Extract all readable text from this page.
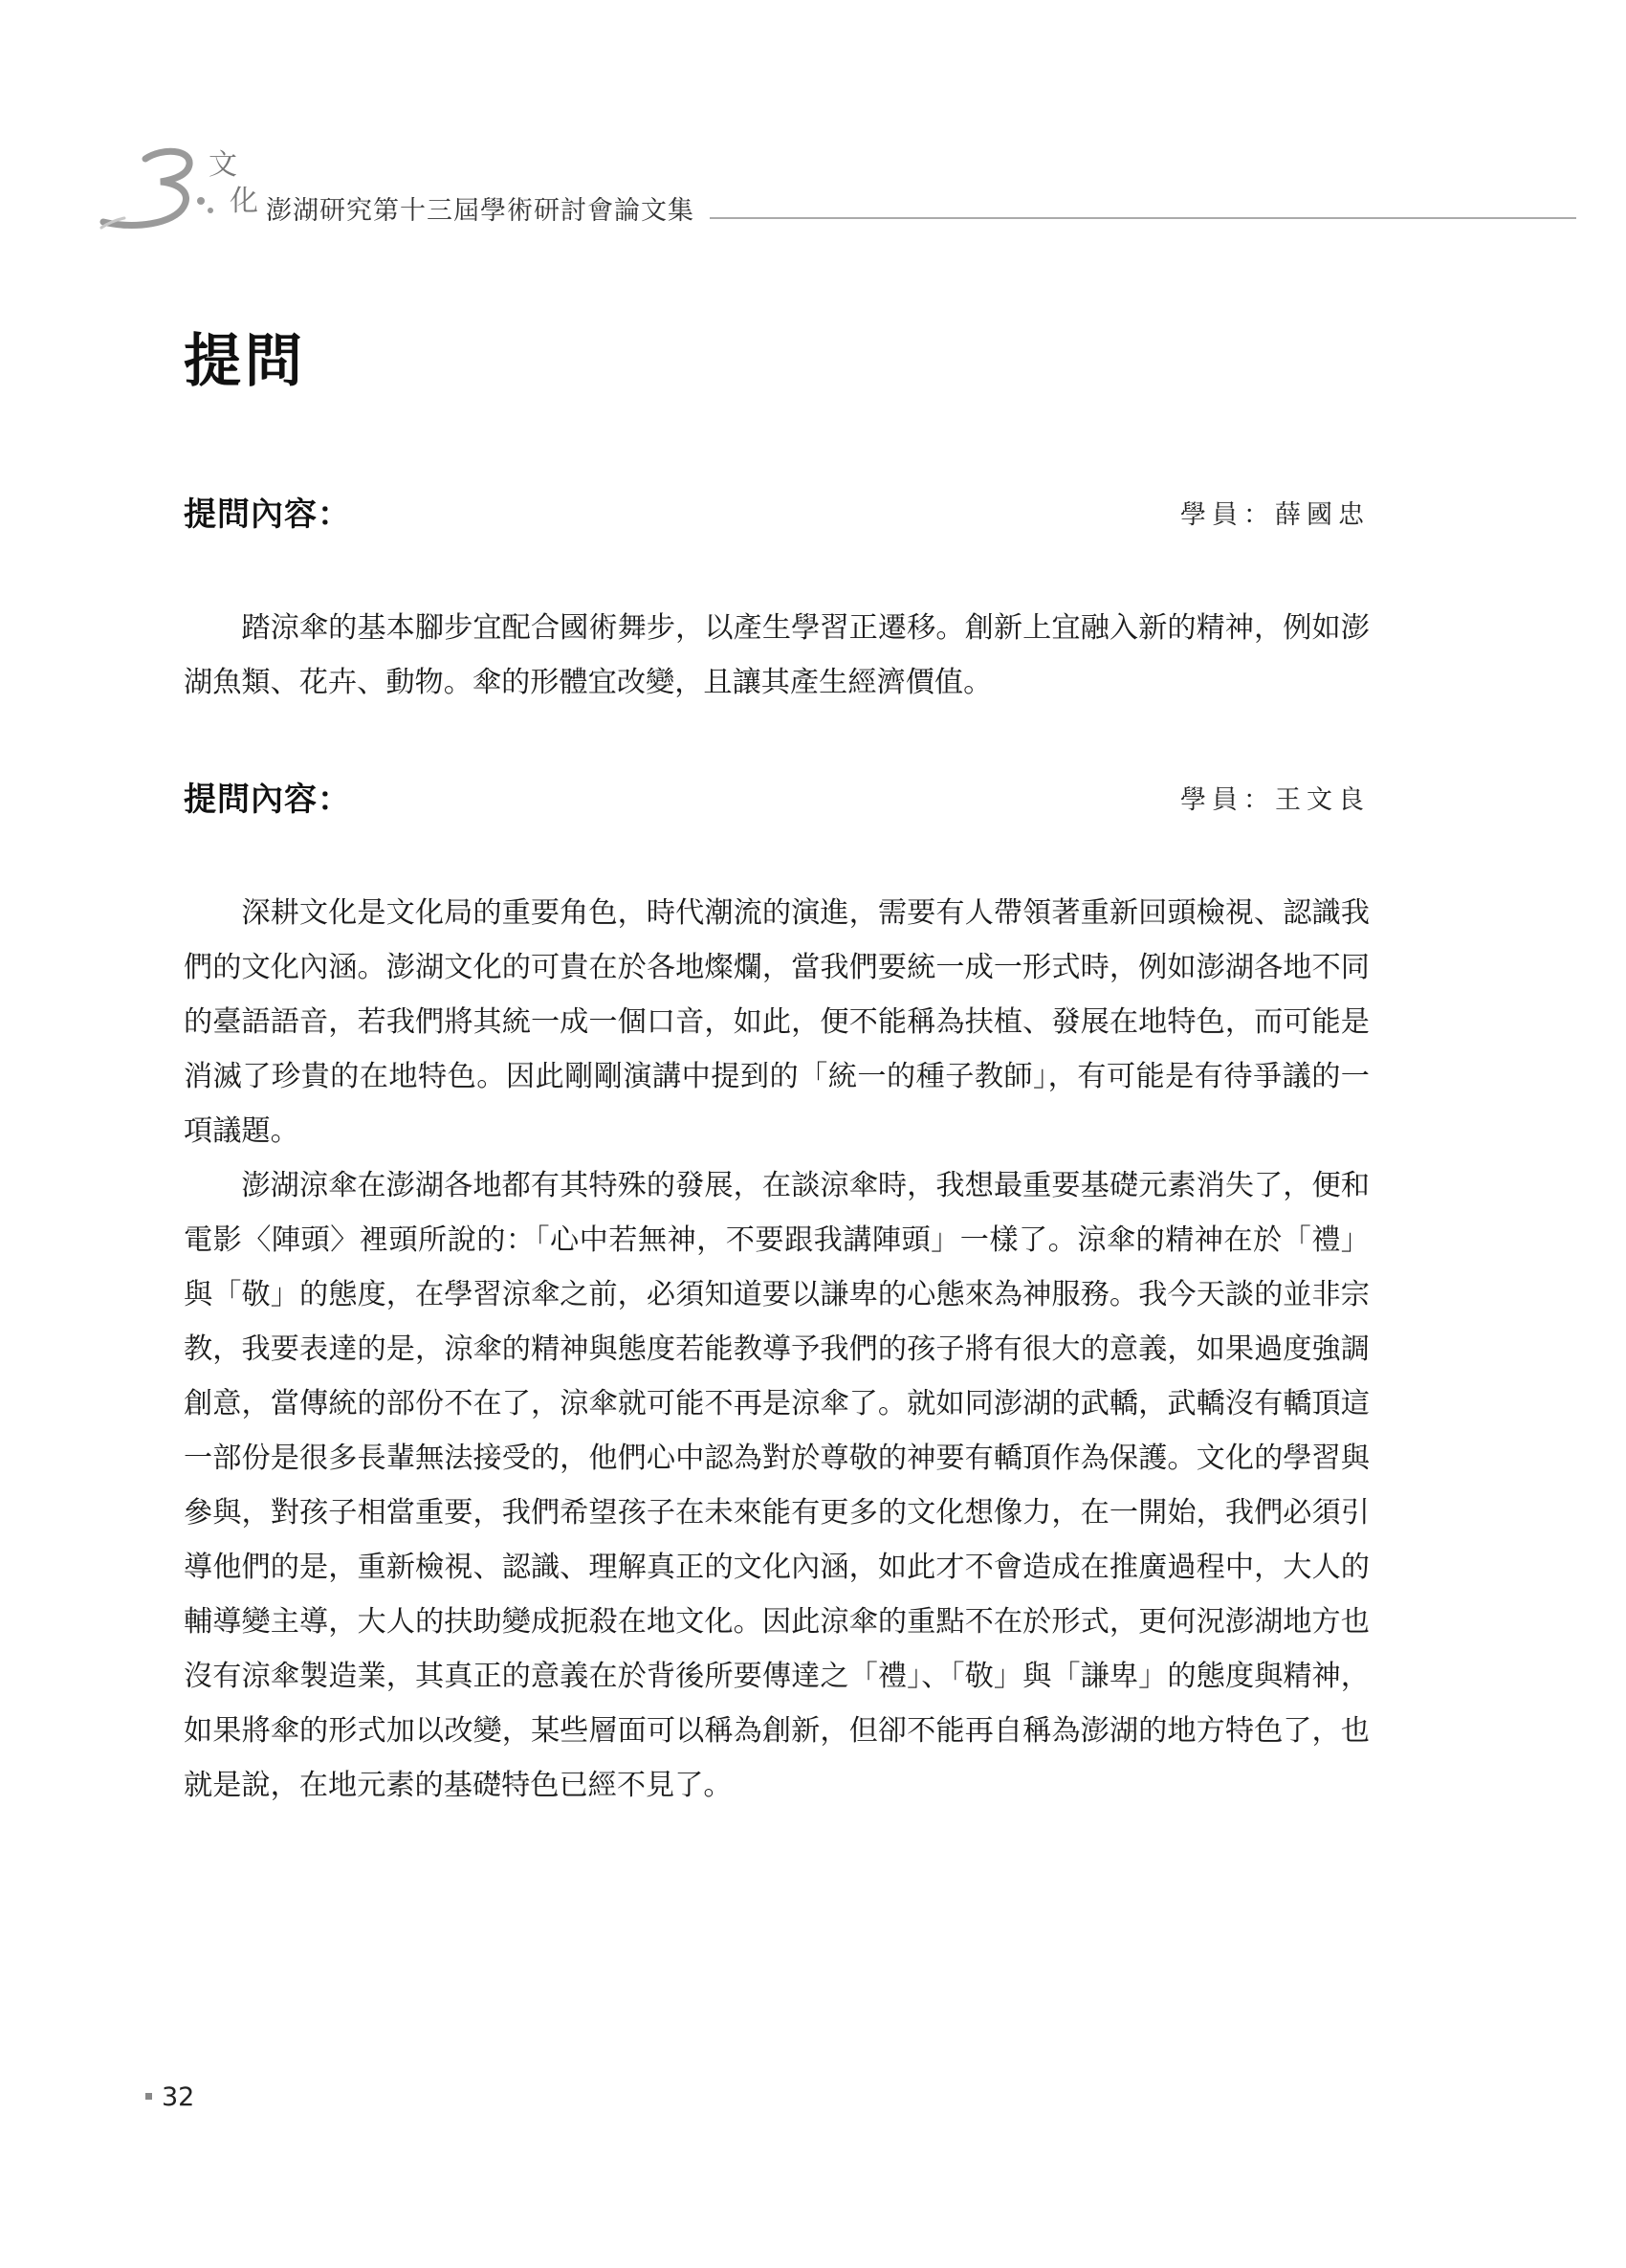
文
化 澎湖研究第十三屆學術研討會論文集
提問
提問內容：	學員：薛國忠

踏涼傘的基本腳步宜配合國術舞步，以產生學習正遷移。創新上宜融入新的精神，例如澎湖魚類、花卉、動物。傘的形體宜改變，且讓其產生經濟價值。

提問內容：	學員：王文良

深耕文化是文化局的重要角色，時代潮流的演進，需要有人帶領著重新回頭檢視、認識我們的文化內涵。澎湖文化的可貴在於各地燦爛，當我們要統一成一形式時，例如澎湖各地不同的臺語語音，若我們將其統一成一個口音，如此，便不能稱為扶植、發展在地特色，而可能是消滅了珍貴的在地特色。因此剛剛演講中提到的「統一的種子教師」，有可能是有待爭議的一項議題。

澎湖涼傘在澎湖各地都有其特殊的發展，在談涼傘時，我想最重要基礎元素消失了，便和電影〈陣頭〉裡頭所說的：「心中若無神，不要跟我講陣頭」一樣了。涼傘的精神在於「禮」與「敬」的態度，在學習涼傘之前，必須知道要以謙卑的心態來為神服務。我今天談的並非宗教，我要表達的是，涼傘的精神與態度若能教導予我們的孩子將有很大的意義，如果過度強調創意，當傳統的部份不在了，涼傘就可能不再是涼傘了。就如同澎湖的武轎，武轎沒有轎頂這一部份是很多長輩無法接受的，他們心中認為對於尊敬的神要有轎頂作為保護。文化的學習與參與，對孩子相當重要，我們希望孩子在未來能有更多的文化想像力，在一開始，我們必須引導他們的是，重新檢視、認識、理解真正的文化內涵，如此才不會造成在推廣過程中，大人的輔導變主導，大人的扶助變成扼殺在地文化。因此涼傘的重點不在於形式，更何況澎湖地方也沒有涼傘製造業，其真正的意義在於背後所要傳達之「禮」、「敬」與「謙卑」的態度與精神，如果將傘的形式加以改變，某些層面可以稱為創新，但卻不能再自稱為澎湖的地方特色了，也就是說，在地元素的基礎特色已經不見了。

32
